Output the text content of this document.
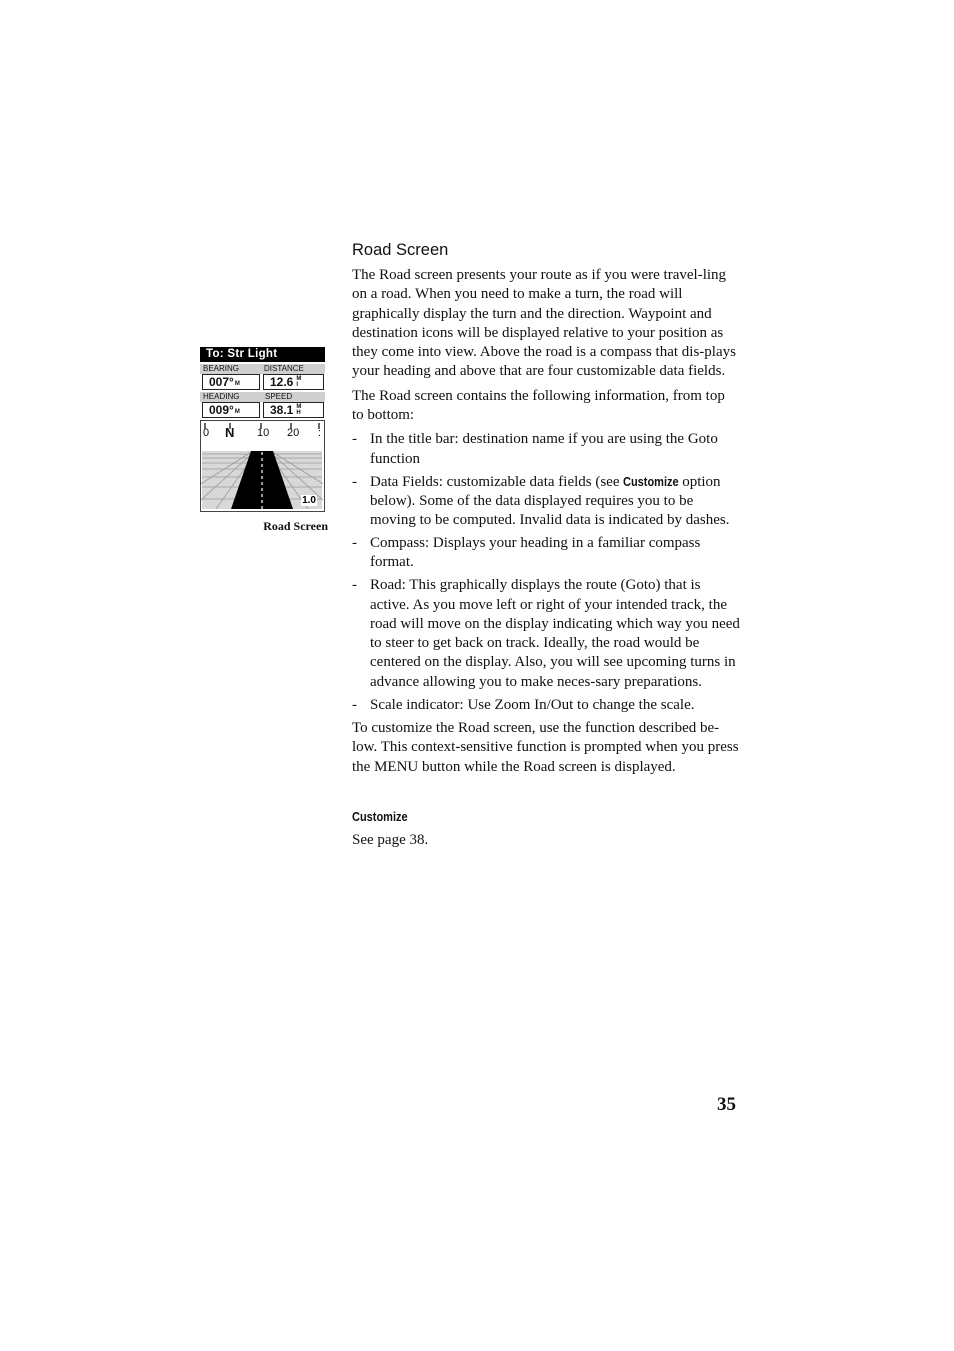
To: Str Light
BEARING	DISTANCE
007°M	12.6 M
I
HEADING	SPEED
009°M	38.1 M
H
0 N 10 20 :
1.0
Road Screen
Road Screen

The Road screen presents your route as if you were travel-ling on a road. When you need to make a turn, the road will graphically display the turn and the direction. Waypoint and destination icons will be displayed relative to your position as they come into view. Above the road is a compass that dis-plays your heading and above that are four customizable data fields.

The Road screen contains the following information, from top to bottom:

- In the title bar: destination name if you are using the Goto function
- Data Fields: customizable data fields (see Customize option below). Some of the data displayed requires you to be moving to be computed. Invalid data is indicated by dashes.
- Compass: Displays your heading in a familiar compass format.
- Road: This graphically displays the route (Goto) that is active. As you move left or right of your intended track, the road will move on the display indicating which way you need to steer to get back on track. Ideally, the road would be centered on the display. Also, you will see upcoming turns in advance allowing you to make neces-sary preparations.
- Scale indicator: Use Zoom In/Out to change the scale.

To customize the Road screen, use the function described be-low. This context-sensitive function is prompted when you press the MENU button while the Road screen is displayed.

Customize

See page 38.

35
